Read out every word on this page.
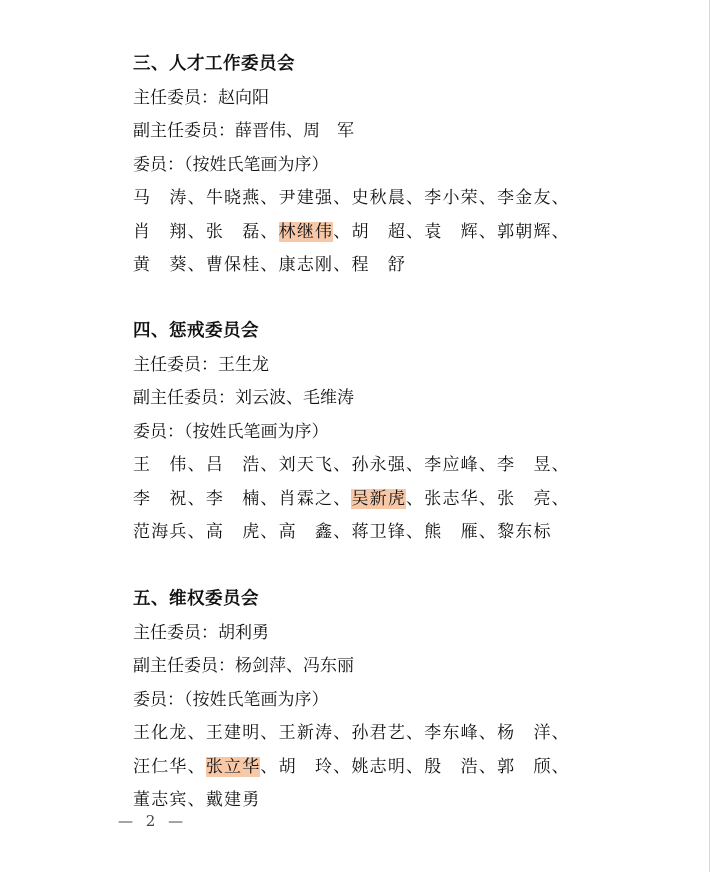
三、人才工作委员会
主任委员：赵向阳
副主任委员：薛晋伟、周　军
委员：（按姓氏笔画为序）
马　涛、牛晓燕、尹建强、史秋晨、李小荣、李金友、
肖　翔、张　磊、林继伟、胡　超、袁　辉、郭朝辉、
黄　葵、曹保桂、康志刚、程　舒
四、惩戒委员会
主任委员：王生龙
副主任委员：刘云波、毛维涛
委员：（按姓氏笔画为序）
王　伟、吕　浩、刘天飞、孙永强、李应峰、李　昱、
李　祝、李　楠、肖霖之、吴新虎、张志华、张　亮、
范海兵、高　虎、高　鑫、蒋卫锋、熊　雁、黎东标
五、维权委员会
主任委员：胡利勇
副主任委员：杨剑萍、冯东丽
委员：（按姓氏笔画为序）
王化龙、王建明、王新涛、孙君艺、李东峰、杨　洋、
汪仁华、张立华、胡　玲、姚志明、殷　浩、郭　颀、
董志宾、戴建勇
— 2 —
